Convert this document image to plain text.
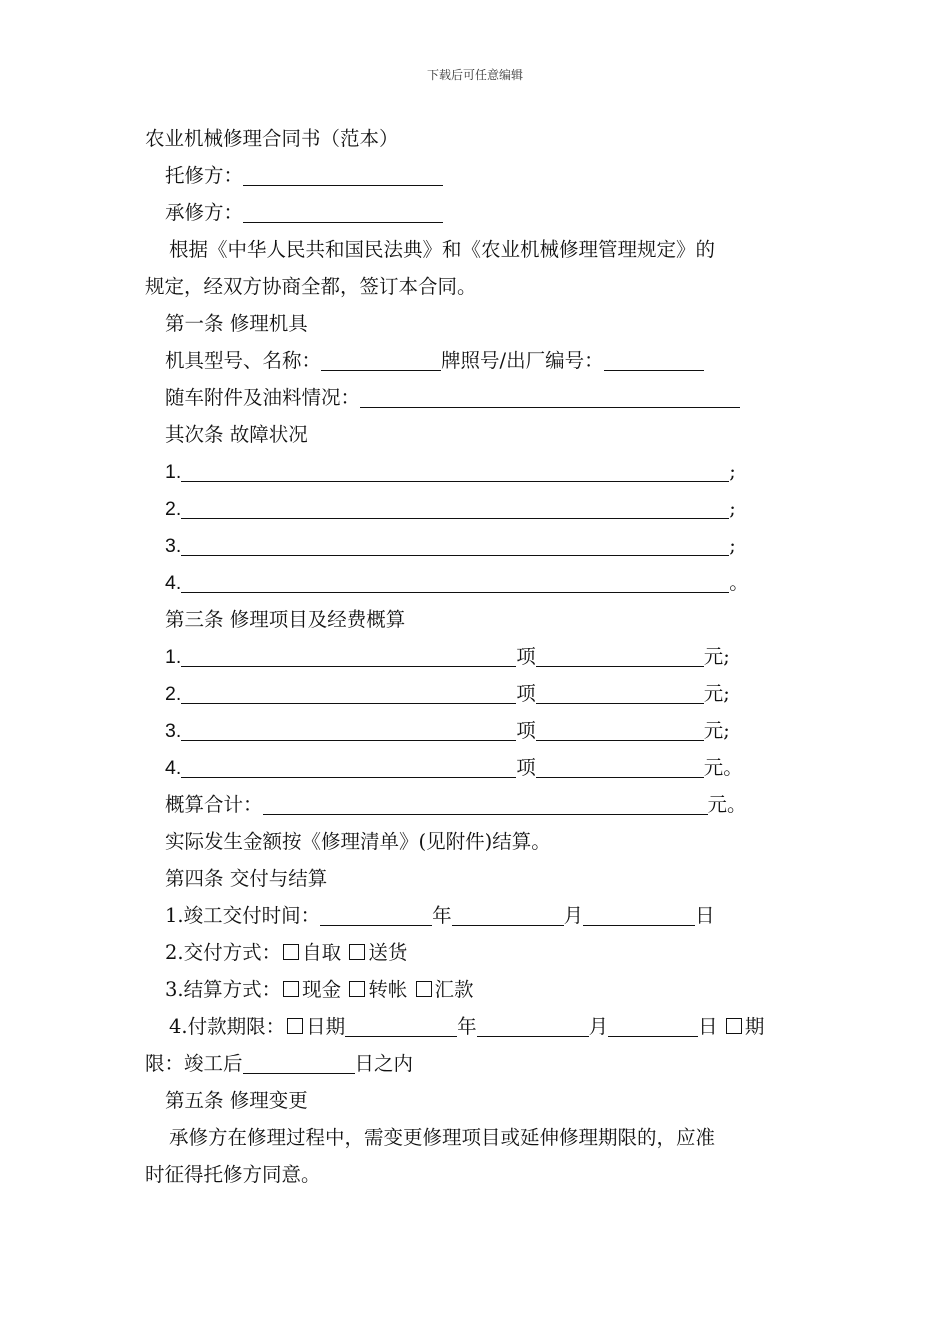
下载后可任意编辑
农业机械修理合同书（范本）
托修方：
承修方：
根据《中华人民共和国民法典》和《农业机械修理管理规定》的
规定，经双方协商全都，签订本合同。
第一条 修理机具
机具型号、名称：	牌照号/出厂编号：
随车附件及油料情况：
其次条 故障状况
1.	;
2.	;
3.	;
4.	。
第三条 修理项目及经费概算
1.	项	元;
2.	项	元;
3.	项	元;
4.	项	元。
概算合计：	元。
实际发生金额按《修理清单》(见附件)结算。
第四条 交付与结算
1.竣工交付时间：	年	月	日
2.交付方式： 自取 送货
3.结算方式： 现金 转帐 汇款
4.付款期限： 日期	年	月	日 期
限：竣工后	日之内
第五条 修理变更
承修方在修理过程中，需变更修理项目或延伸修理期限的，应准
时征得托修方同意。
